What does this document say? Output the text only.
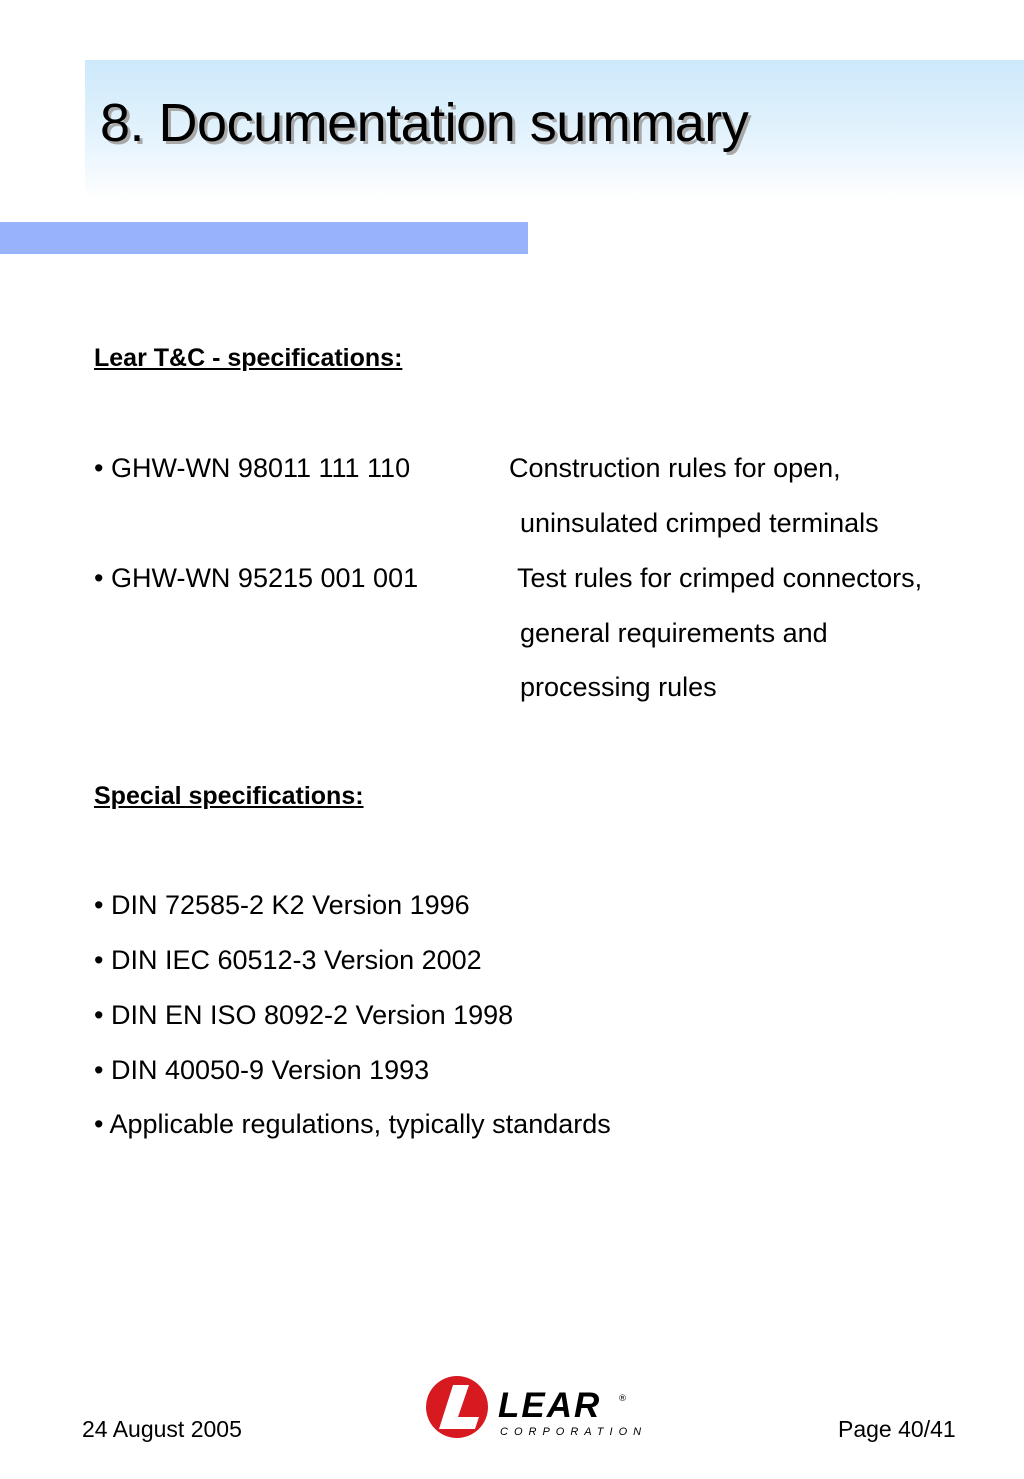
8. Documentation summary
Lear T&C - specifications:
• GHW-WN 98011 111 110	Construction rules for open,
uninsulated crimped terminals
• GHW-WN 95215 001 001	Test rules for crimped connectors,
general requirements and
processing rules
Special specifications:
• DIN 72585-2 K2 Version 1996
• DIN IEC 60512-3 Version 2002
• DIN EN ISO 8092-2 Version 1998
• DIN 40050-9 Version 1993
• Applicable regulations, typically standards
24 August 2005	Page 40/41
LEAR ®
CORPORATION
